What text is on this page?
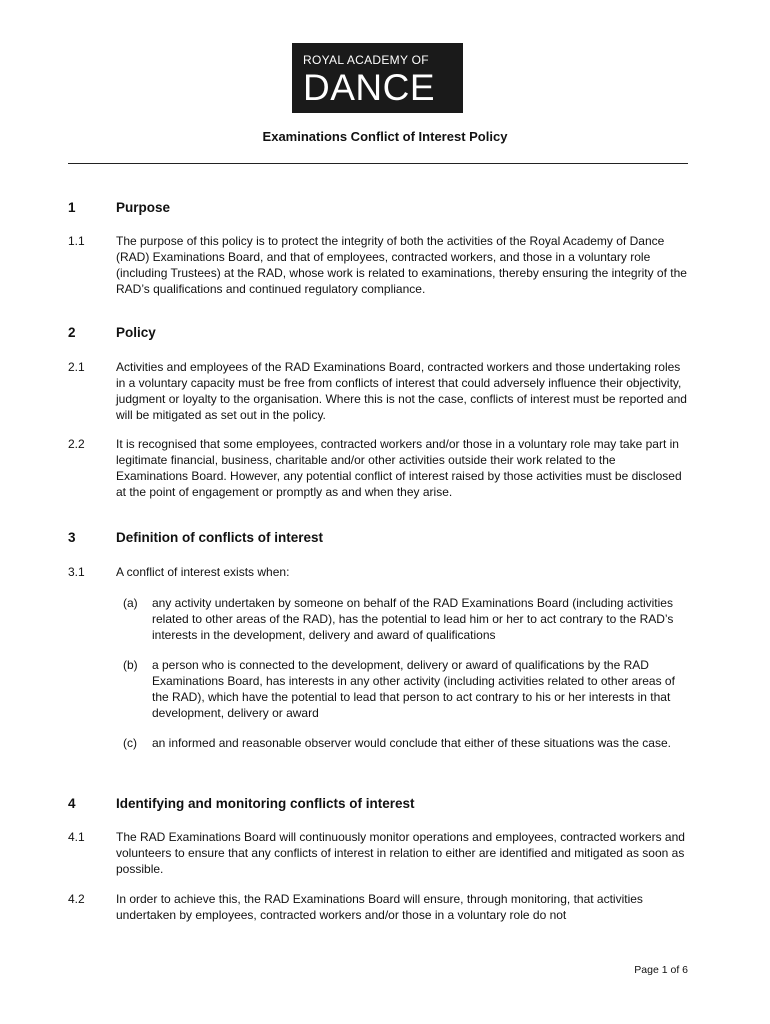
ROYAL ACADEMY OF
DANCE
Examinations Conflict of Interest Policy
1	Purpose
1.1	The purpose of this policy is to protect the integrity of both the activities of the Royal Academy of Dance (RAD) Examinations Board, and that of employees, contracted workers, and those in a voluntary role (including Trustees) at the RAD, whose work is related to examinations, thereby ensuring the integrity of the RAD’s qualifications and continued regulatory compliance.
2	Policy
2.1	Activities and employees of the RAD Examinations Board, contracted workers and those undertaking roles in a voluntary capacity must be free from conflicts of interest that could adversely influence their objectivity, judgment or loyalty to the organisation. Where this is not the case, conflicts of interest must be reported and will be mitigated as set out in the policy.
2.2	It is recognised that some employees, contracted workers and/or those in a voluntary role may take part in legitimate financial, business, charitable and/or other activities outside their work related to the Examinations Board. However, any potential conflict of interest raised by those activities must be disclosed at the point of engagement or promptly as and when they arise.
3	Definition of conflicts of interest
3.1	A conflict of interest exists when:
(a) any activity undertaken by someone on behalf of the RAD Examinations Board (including activities related to other areas of the RAD), has the potential to lead him or her to act contrary to the RAD’s interests in the development, delivery and award of qualifications
(b) a person who is connected to the development, delivery or award of qualifications by the RAD Examinations Board, has interests in any other activity (including activities related to other areas of the RAD), which have the potential to lead that person to act contrary to his or her interests in that development, delivery or award
(c) an informed and reasonable observer would conclude that either of these situations was the case.
4	Identifying and monitoring conflicts of interest
4.1	The RAD Examinations Board will continuously monitor operations and employees, contracted workers and volunteers to ensure that any conflicts of interest in relation to either are identified and mitigated as soon as possible.
4.2	In order to achieve this, the RAD Examinations Board will ensure, through monitoring, that activities undertaken by employees, contracted workers and/or those in a voluntary role do not
Page 1 of 6
